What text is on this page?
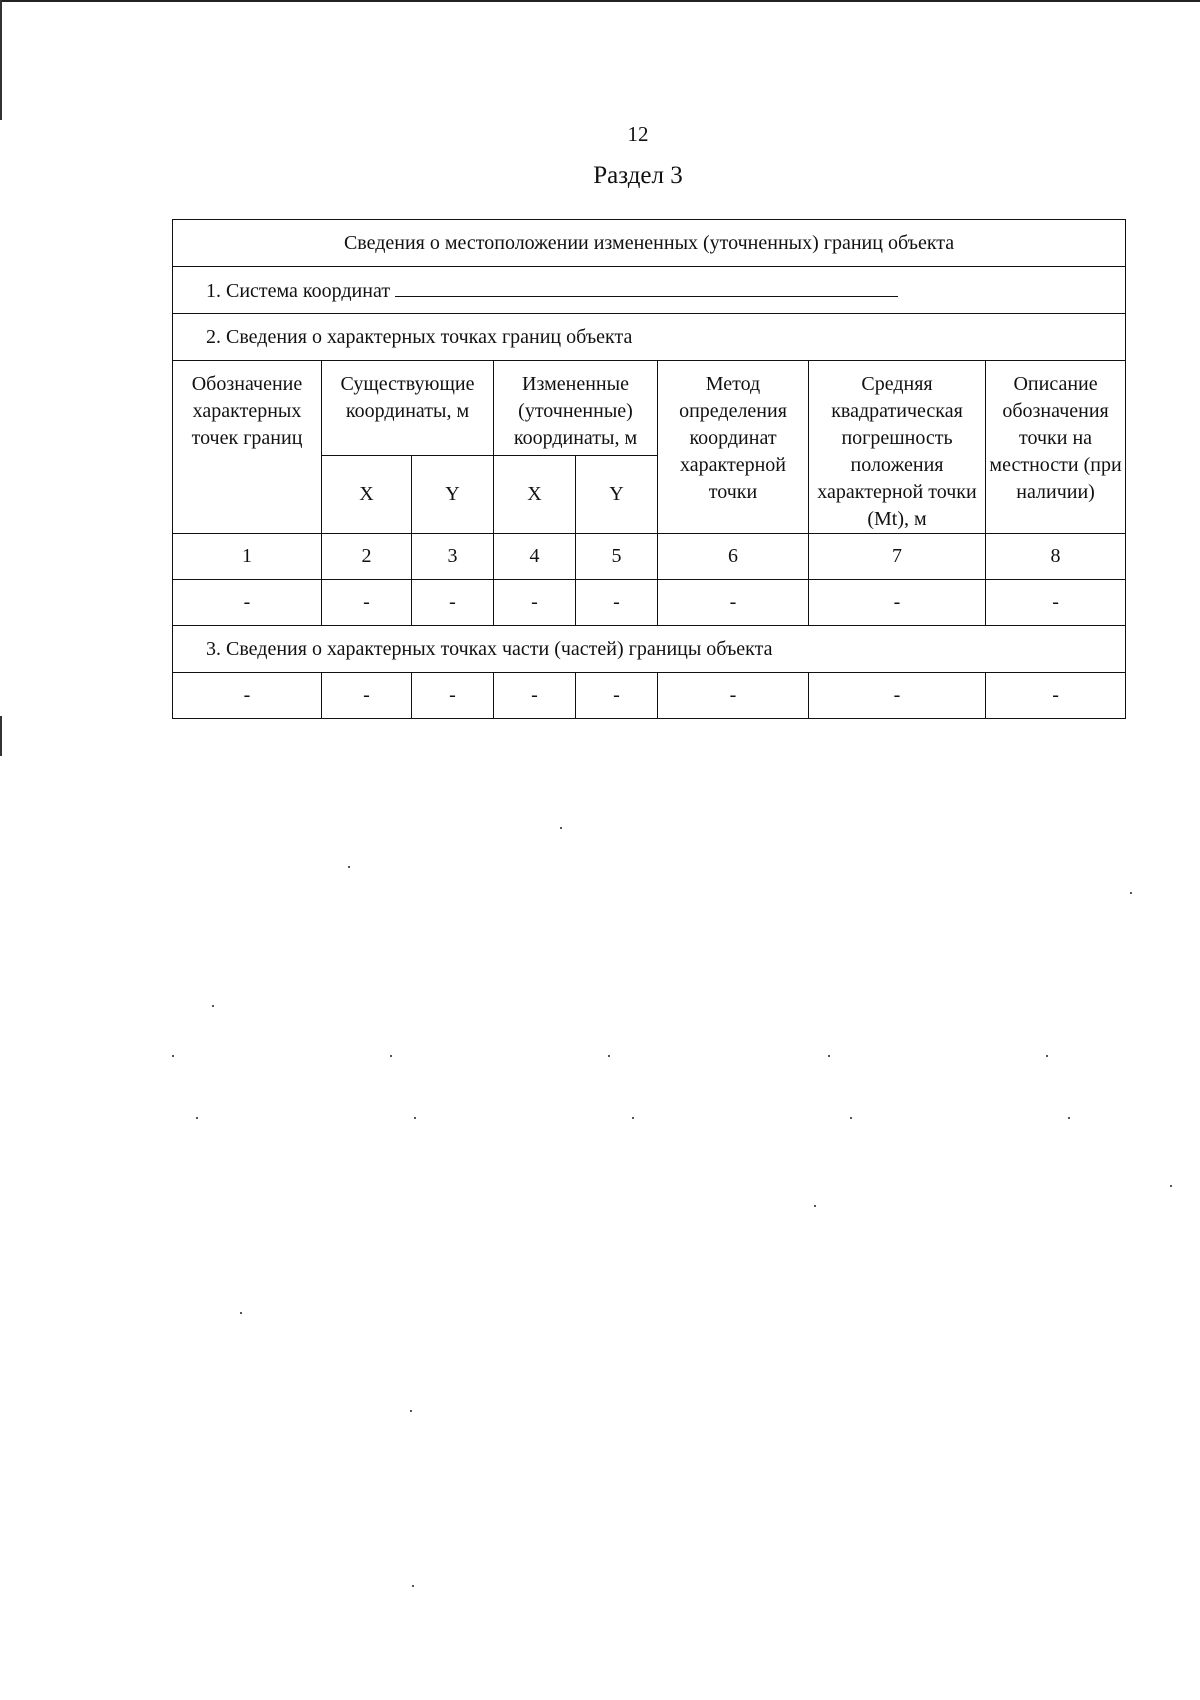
12
Раздел 3
Сведения о местоположении измененных (уточненных) границ объекта							
1. Система координат							
2. Сведения о характерных точках границ объекта							
Обозначение характерных точек границ	Существующие координаты, м		Измененные (уточненные) координаты, м		Метод определения координат характерной точки	Средняя квадратическая погрешность положения характерной точки (Mt), м	Описание обозначения точки на местности (при наличии)
	X	Y	X	Y			
1	2	3	4	5	6	7	8
-	-	-	-	-	-	-	-
3. Сведения о характерных точках части (частей) границы объекта							
-	-	-	-	-	-	-	-
